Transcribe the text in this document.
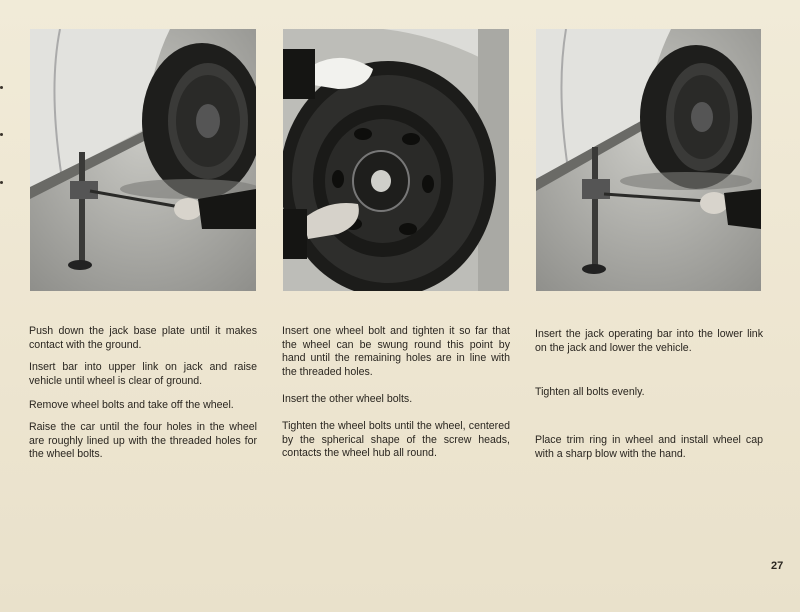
Push down the jack base plate until it makes contact with the ground.

Insert bar into upper link on jack and raise vehicle until wheel is clear of ground.

Remove wheel bolts and take off the wheel.

Raise the car until the four holes in the wheel are roughly lined up with the threaded holes for the wheel bolts.

Insert one wheel bolt and tighten it so far that the wheel can be swung round this point by hand until the remaining holes are in line with the threaded holes.

Insert the other wheel bolts.

Tighten the wheel bolts until the wheel, centered by the spherical shape of the screw heads, contacts the wheel hub all round.

Insert the jack operating bar into the lower link on the jack and lower the vehicle.

Tighten all bolts evenly.

Place trim ring in wheel and install wheel cap with a sharp blow with the hand.

27
